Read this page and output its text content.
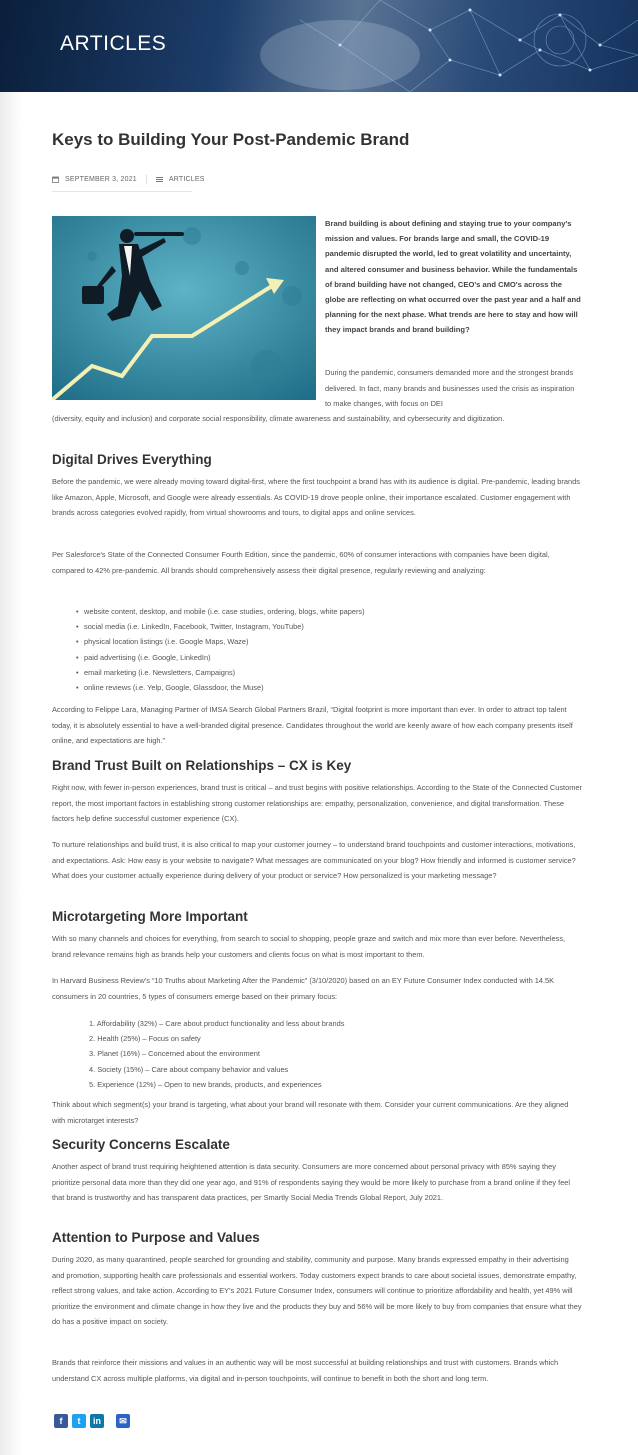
ARTICLES
Keys to Building Your Post-Pandemic Brand
SEPTEMBER 3, 2021	ARTICLES

Brand building is about defining and staying true to your company's mission and values. For brands large and small, the COVID-19 pandemic disrupted the world, led to great volatility and uncertainty, and altered consumer and business behavior. While the fundamentals of brand building have not changed, CEO's and CMO's across the globe are reflecting on what occurred over the past year and a half and planning for the next phase. What trends are here to stay and how will they impact brands and brand building?

During the pandemic, consumers demanded more and the strongest brands delivered. In fact, many brands and businesses used the crisis as inspiration to make changes, with focus on DEI

(diversity, equity and inclusion) and corporate social responsibility, climate awareness and sustainability, and cybersecurity and digitization.

Digital Drives Everything

Before the pandemic, we were already moving toward digital-first, where the first touchpoint a brand has with its audience is digital. Pre-pandemic, leading brands like Amazon, Apple, Microsoft, and Google were already essentials. As COVID-19 drove people online, their importance escalated. Customer engagement with brands across categories evolved rapidly, from virtual showrooms and tours, to digital apps and online services.

Per Salesforce's State of the Connected Consumer Fourth Edition, since the pandemic, 60% of consumer interactions with companies have been digital, compared to 42% pre-pandemic. All brands should comprehensively assess their digital presence, regularly reviewing and analyzing:

• website content, desktop, and mobile (i.e. case studies, ordering, blogs, white papers)
• social media (i.e. LinkedIn, Facebook, Twitter, Instagram, YouTube)
• physical location listings (i.e. Google Maps, Waze)
• paid advertising (i.e. Google, LinkedIn)
• email marketing (i.e. Newsletters, Campaigns)
• online reviews (i.e. Yelp, Google, Glassdoor, the Muse)

According to Felippe Lara, Managing Partner of IMSA Search Global Partners Brazil, “Digital footprint is more important than ever. In order to attract top talent today, it is absolutely essential to have a well-branded digital presence. Candidates throughout the world are keenly aware of how each company presents itself online, and expectations are high.”

Brand Trust Built on Relationships – CX is Key

Right now, with fewer in-person experiences, brand trust is critical – and trust begins with positive relationships. According to the State of the Connected Customer report, the most important factors in establishing strong customer relationships are: empathy, personalization, convenience, and digital transformation. These factors help define successful customer experience (CX).

To nurture relationships and build trust, it is also critical to map your customer journey – to understand brand touchpoints and customer interactions, motivations, and expectations. Ask: How easy is your website to navigate? What messages are communicated on your blog? How friendly and informed is customer service? What does your customer actually experience during delivery of your product or service? How personalized is your marketing message?

Microtargeting More Important

With so many channels and choices for everything, from search to social to shopping, people graze and switch and mix more than ever before. Nevertheless, brand relevance remains high as brands help your customers and clients focus on what is most important to them.

In Harvard Business Review's “10 Truths about Marketing After the Pandemic” (3/10/2020) based on an EY Future Consumer Index conducted with 14.5K consumers in 20 countries, 5 types of consumers emerge based on their primary focus:

1. Affordability (32%) – Care about product functionality and less about brands
2. Health (25%) – Focus on safety
3. Planet (16%) – Concerned about the environment
4. Society (15%) – Care about company behavior and values
5. Experience (12%) – Open to new brands, products, and experiences

Think about which segment(s) your brand is targeting, what about your brand will resonate with them. Consider your current communications. Are they aligned with microtarget interests?

Security Concerns Escalate

Another aspect of brand trust requiring heightened attention is data security. Consumers are more concerned about personal privacy with 85% saying they prioritize personal data more than they did one year ago, and 91% of respondents saying they would be more likely to purchase from a brand online if they feel that brand is trustworthy and has transparent data practices, per Smartly Social Media Trends Global Report, July 2021.

Attention to Purpose and Values

During 2020, as many quarantined, people searched for grounding and stability, community and purpose. Many brands expressed empathy in their advertising and promotion, supporting health care professionals and essential workers. Today customers expect brands to care about societal issues, demonstrate empathy, reflect strong values, and take action. According to EY's 2021 Future Consumer Index, consumers will continue to prioritize affordability and health, yet 49% will prioritize the environment and climate change in how they live and the products they buy and 56% will be more likely to buy from companies that ensure what they do has a positive impact on society.

Brands that reinforce their missions and values in an authentic way will be most successful at building relationships and trust with customers. Brands which understand CX across multiple platforms, via digital and in-person touchpoints, will continue to benefit in both the short and long term.

f	t	in	✉
